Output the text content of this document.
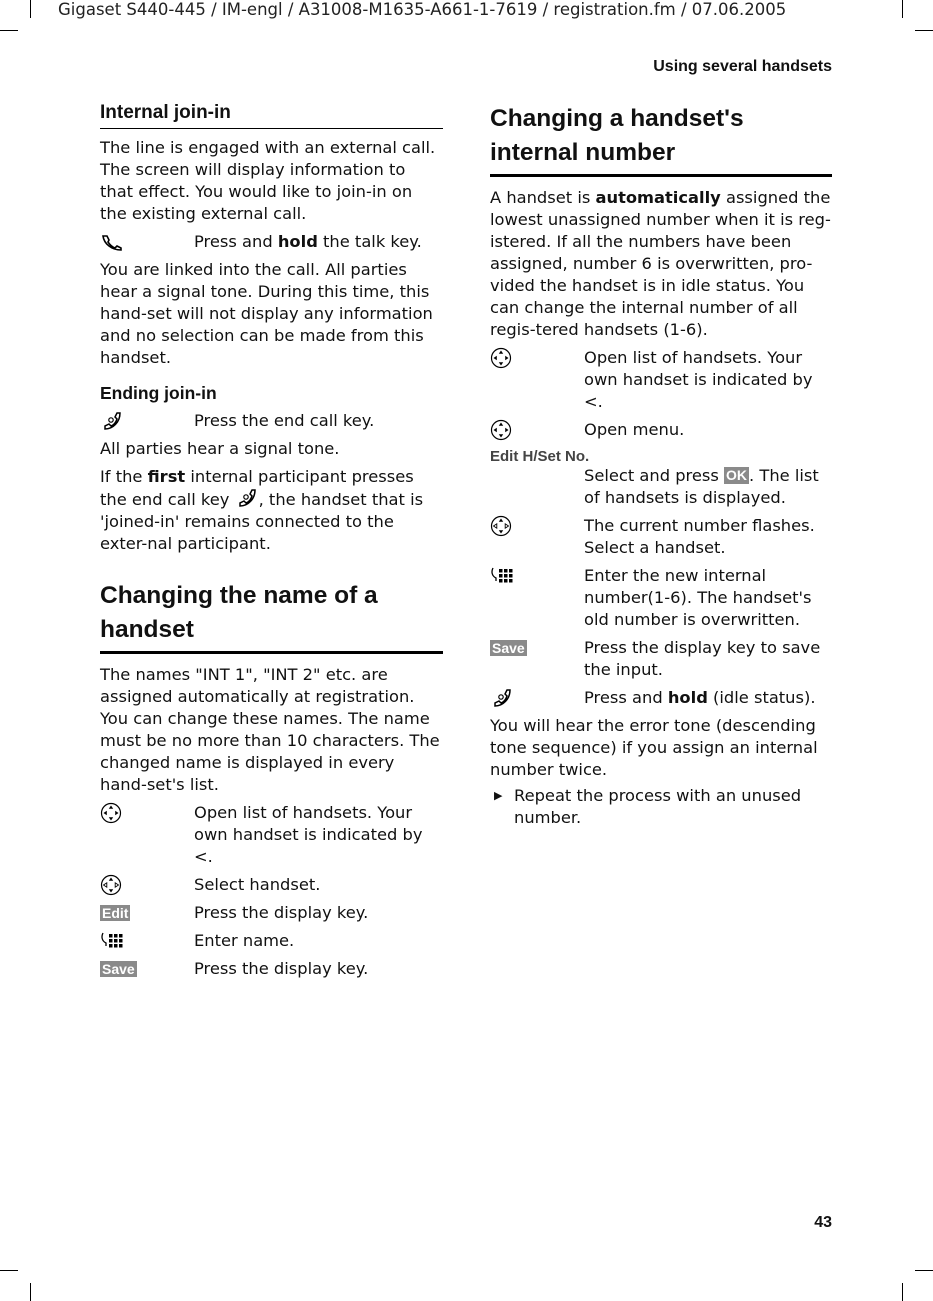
Gigaset S440-445 / IM-engl / A31008-M1635-A661-1-7619 / registration.fm / 07.06.2005
Using several handsets
43
Internal join-in

The line is engaged with an external call. The screen will display information to that effect. You would like to join-in on the existing external call.

Press and hold the talk key.

You are linked into the call. All parties hear a signal tone. During this time, this hand-set will not display any information and no selection can be made from this handset.

Ending join-in
Press the end call key.

All parties hear a signal tone.

If the first internal participant presses the end call key
, the handset that is 'joined-in' remains connected to the exter-nal participant.

Changing the name of a handset

The names "INT 1", "INT 2" etc. are assigned automatically at registration. You can change these names. The name must be no more than 10 characters. The changed name is displayed in every hand-set's list.

Open list of handsets. Your own handset is indicated by <.
Select handset.
Edit	Press the display key.
Enter name.
Save	Press the display key.
Changing a handset's
internal number

A handset is automatically assigned the lowest unassigned number when it is reg-istered. If all the numbers have been assigned, number 6 is overwritten, pro-vided the handset is in idle status. You can change the internal number of all regis-tered handsets (1-6).

Open list of handsets. Your own handset is indicated by <.
Open menu.
Edit H/Set No.
Select and press OK . The list of handsets is displayed.
The current number flashes. Select a handset.
Enter the new internal number(1-6). The handset's old number is overwritten.
Save	Press the display key to save the input.
Press and hold (idle status).

You will hear the error tone (descending tone sequence) if you assign an internal number twice.

▶ Repeat the process with an unused number.
